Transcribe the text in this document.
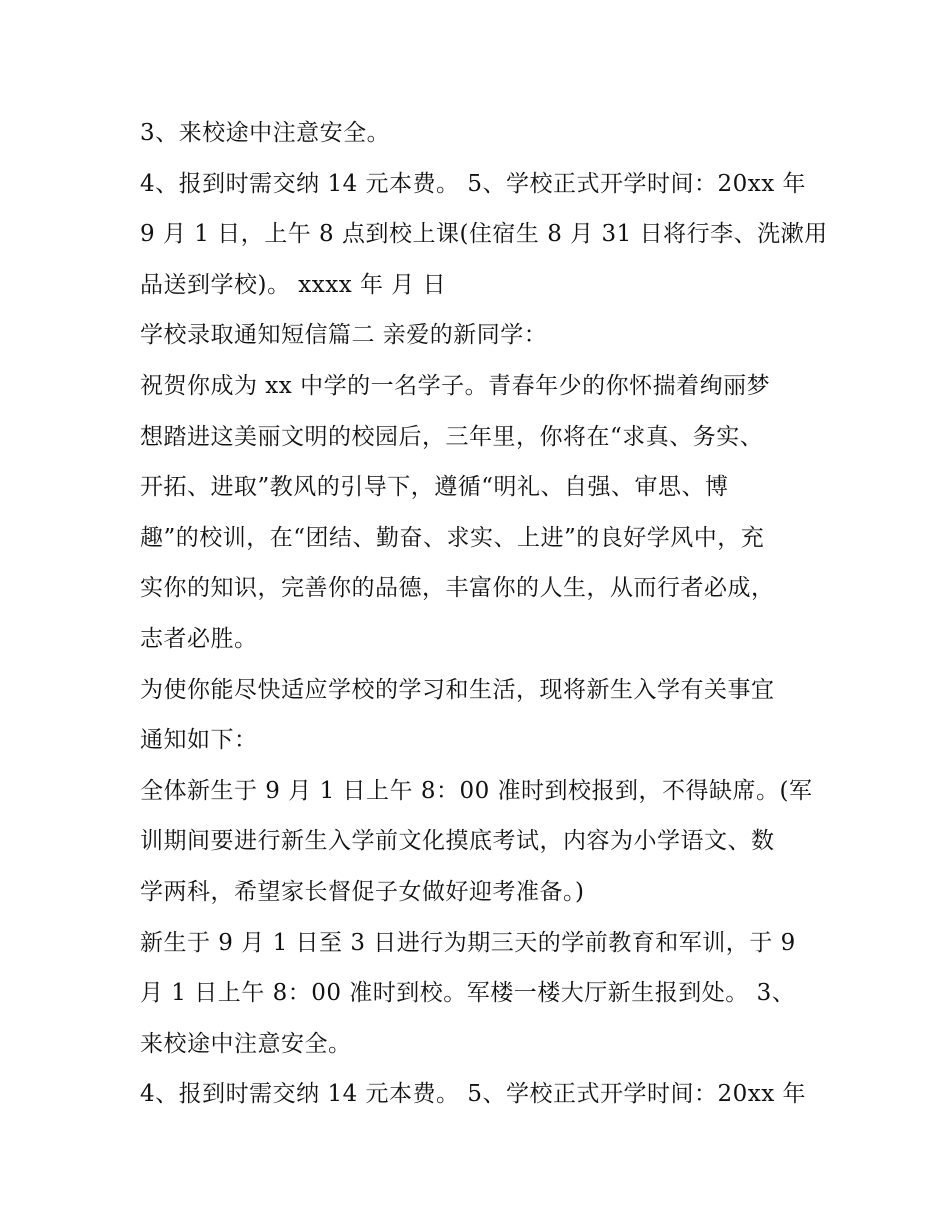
3、来校途中注意安全。
4、报到时需交纳 14 元本费。 5、学校正式开学时间：20xx 年
9 月 1 日，上午 8 点到校上课(住宿生 8 月 31 日将行李、洗漱用
品送到学校)。 xxxx 年 月 日
学校录取通知短信篇二 亲爱的新同学：
祝贺你成为 xx 中学的一名学子。青春年少的你怀揣着绚丽梦
想踏进这美丽文明的校园后，三年里，你将在“求真、务实、
开拓、进取”教风的引导下，遵循“明礼、自强、审思、博
趣”的校训，在“团结、勤奋、求实、上进”的良好学风中，充
实你的知识，完善你的品德，丰富你的人生，从而行者必成，
志者必胜。
为使你能尽快适应学校的学习和生活，现将新生入学有关事宜
通知如下：
全体新生于 9 月 1 日上午 8：00 准时到校报到，不得缺席。(军
训期间要进行新生入学前文化摸底考试，内容为小学语文、数
学两科，希望家长督促子女做好迎考准备。)
新生于 9 月 1 日至 3 日进行为期三天的学前教育和军训，于 9
月 1 日上午 8：00 准时到校。军楼一楼大厅新生报到处。 3、
来校途中注意安全。
4、报到时需交纳 14 元本费。 5、学校正式开学时间：20xx 年
